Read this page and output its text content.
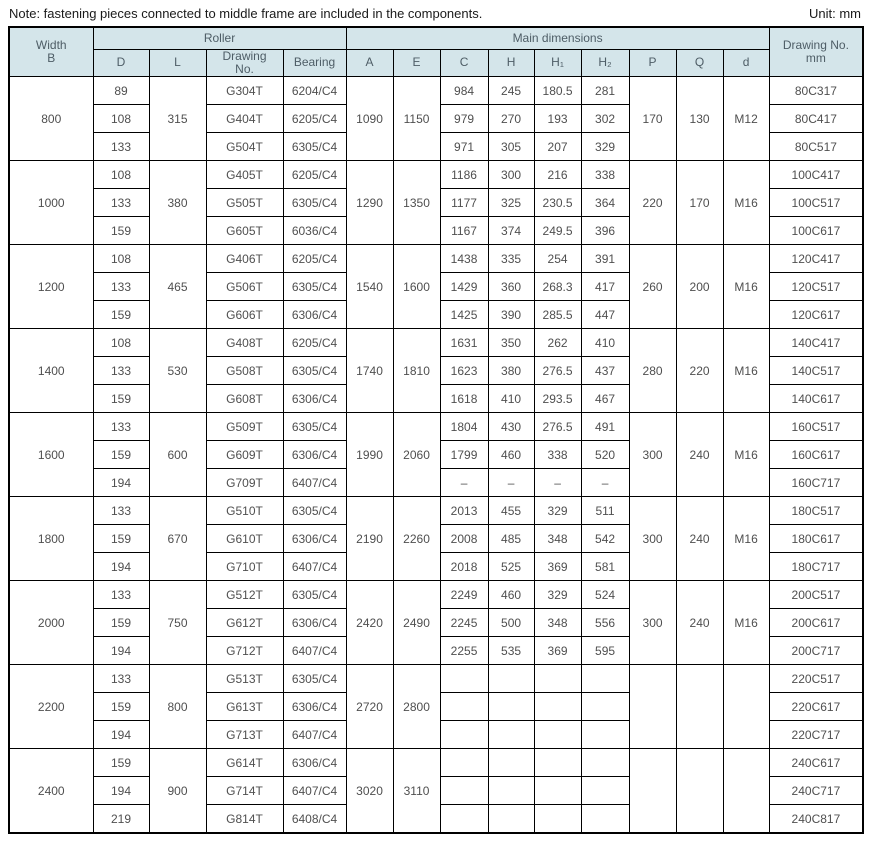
Note: fastening pieces connected to middle frame are included in the components.	Unit: mm
Width
B	Roller				Main dimensions									Drawing No.
mm
	D	L	Drawing
No.	Bearing	A	E	C	H	H₁	H₂	P	Q	d	
800	89	315	G304T	6204/C4	1090	1150	984	245	180.5	281	170	130	M12	80C317
	108		G404T	6205/C4			979	270	193	302				80C417
	133		G504T	6305/C4			971	305	207	329				80C517
1000	108	380	G405T	6205/C4	1290	1350	1186	300	216	338	220	170	M16	100C417
	133		G505T	6305/C4			1177	325	230.5	364				100C517
	159		G605T	6036/C4			1167	374	249.5	396				100C617
1200	108	465	G406T	6205/C4	1540	1600	1438	335	254	391	260	200	M16	120C417
	133		G506T	6305/C4			1429	360	268.3	417				120C517
	159		G606T	6306/C4			1425	390	285.5	447				120C617
1400	108	530	G408T	6205/C4	1740	1810	1631	350	262	410	280	220	M16	140C417
	133		G508T	6305/C4			1623	380	276.5	437				140C517
	159		G608T	6306/C4			1618	410	293.5	467				140C617
1600	133	600	G509T	6305/C4	1990	2060	1804	430	276.5	491	300	240	M16	160C517
	159		G609T	6306/C4			1799	460	338	520				160C617
	194		G709T	6407/C4			–	–	–	–				160C717
1800	133	670	G510T	6305/C4	2190	2260	2013	455	329	511	300	240	M16	180C517
	159		G610T	6306/C4			2008	485	348	542				180C617
	194		G710T	6407/C4			2018	525	369	581				180C717
2000	133	750	G512T	6305/C4	2420	2490	2249	460	329	524	300	240	M16	200C517
	159		G612T	6306/C4			2245	500	348	556				200C617
	194		G712T	6407/C4			2255	535	369	595				200C717
2200	133	800	G513T	6305/C4	2720	2800								220C517
	159		G613T	6306/C4										220C617
	194		G713T	6407/C4										220C717
2400	159	900	G614T	6306/C4	3020	3110								240C617
	194		G714T	6407/C4										240C717
	219		G814T	6408/C4										240C817
